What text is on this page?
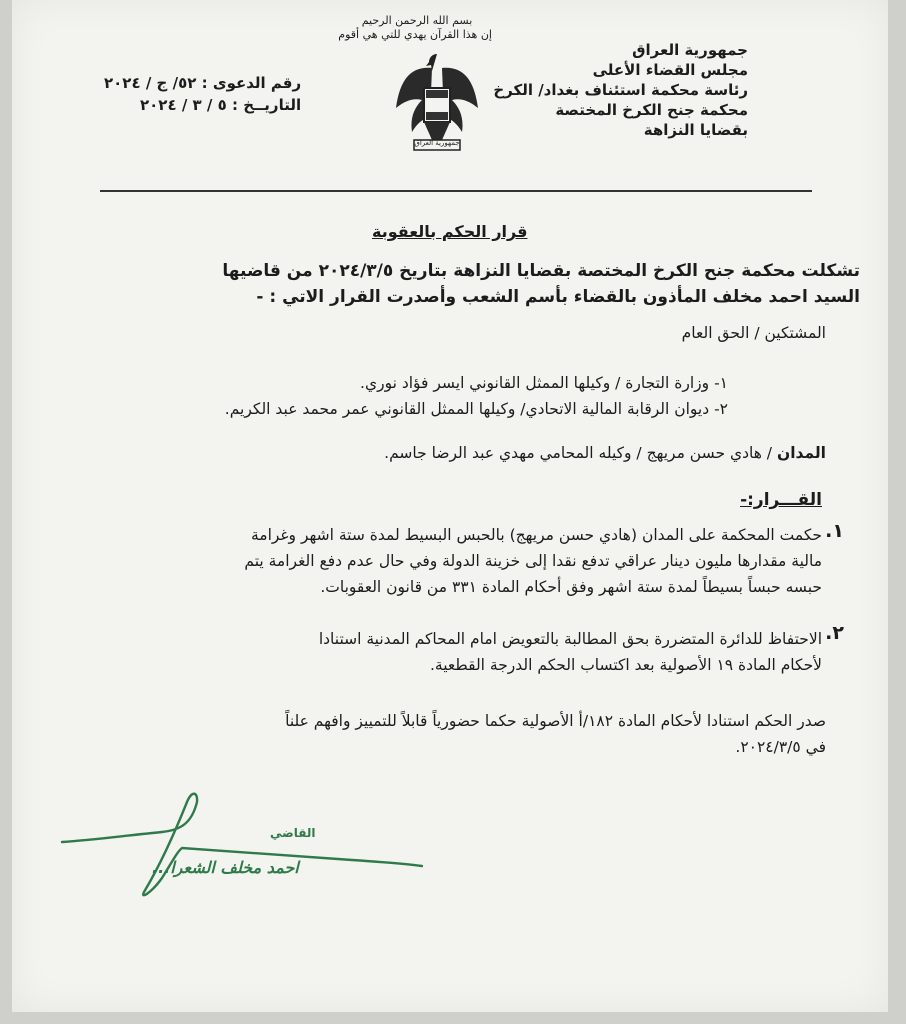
جمهورية العراق
مجلس القضاء الأعلى
رئاسة محكمة استئناف بغداد/ الكرخ
محكمة جنح الكرخ المختصة
بقضايا النزاهة
بسم الله الرحمن الرحيم
إن هذا القرآن يهدي للتي هي أقوم
جمهورية العراق
رقم الدعوى : ٥٢/ ج / ٢٠٢٤
التاريــخ : ٥ / ٣ / ٢٠٢٤
قرار الحكم بالعقوبة
تشكلت محكمة جنح الكرخ المختصة بقضايا النزاهة بتاريخ ٢٠٢٤/٣/٥ من قاضيها
السيد احمد مخلف المأذون بالقضاء بأسم الشعب وأصدرت القرار الاتي : -
المشتكين / الحق العام
١- وزارة التجارة / وكيلها الممثل القانوني ايسر فؤاد نوري.
٢- ديوان الرقابة المالية الاتحادي/ وكيلها الممثل القانوني عمر محمد عبد الكريم.
المدان / هادي حسن مريهج / وكيله المحامي مهدي عبد الرضا جاسم.
القـــرار:-
١.
حكمت المحكمة على المدان (هادي حسن مريهج) بالحبس البسيط لمدة ستة اشهر وغرامة
مالية مقدارها مليون دينار عراقي تدفع نقدا إلى خزينة الدولة وفي حال عدم دفع الغرامة يتم
حبسه حبساً بسيطاً لمدة ستة اشهر وفق أحكام المادة ٣٣١ من قانون العقوبات.
٢.
الاحتفاظ للدائرة المتضررة بحق المطالبة بالتعويض امام المحاكم المدنية استنادا
لأحكام المادة ١٩ الأصولية بعد اكتساب الحكم الدرجة القطعية.
صدر الحكم استنادا لأحكام المادة ١٨٢/أ الأصولية حكما حضورياً قابلاً للتمييز وافهم علناً
في ٢٠٢٤/٣/٥.
القاضي
احمد مخلف الشعرا...
